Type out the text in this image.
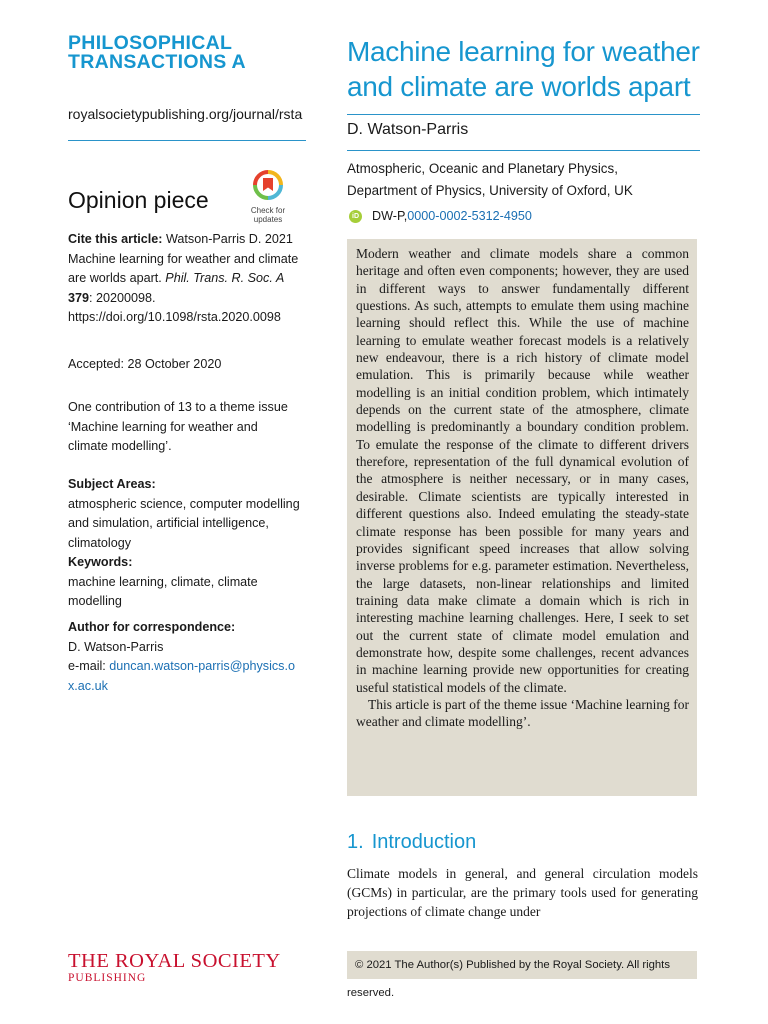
PHILOSOPHICAL
TRANSACTIONS A
royalsocietypublishing.org/journal/rsta
Opinion piece	Check for
updates
Cite this article: Watson-Parris D. 2021 Machine learning for weather and climate are worlds apart. Phil. Trans. R. Soc. A 379: 20200098.
https://doi.org/10.1098/rsta.2020.0098
Accepted: 28 October 2020
One contribution of 13 to a theme issue ‘Machine learning for weather and climate modelling’.
Subject Areas:
atmospheric science, computer modelling and simulation, artificial intelligence, climatology
Keywords:
machine learning, climate, climate modelling
Author for correspondence:
D. Watson-Parris
e-mail: duncan.watson-parris@physics.ox.ac.uk
THE ROYAL SOCIETY
PUBLISHING
Machine learning for weather and climate are worlds apart
D. Watson-Parris
Atmospheric, Oceanic and Planetary Physics, Department of Physics, University of Oxford, UK
iD DW-P, 0000-0002-5312-4950

Modern weather and climate models share a common heritage and often even components; however, they are used in different ways to answer fundamentally different questions. As such, attempts to emulate them using machine learning should reflect this. While the use of machine learning to emulate weather forecast models is a relatively new endeavour, there is a rich history of climate model emulation. This is primarily because while weather modelling is an initial condition problem, which intimately depends on the current state of the atmosphere, climate modelling is predominantly a boundary condition problem. To emulate the response of the climate to different drivers therefore, representation of the full dynamical evolution of the atmosphere is neither necessary, or in many cases, desirable. Climate scientists are typically interested in different questions also. Indeed emulating the steady-state climate response has been possible for many years and provides significant speed increases that allow solving inverse problems for e.g. parameter estimation. Nevertheless, the large datasets, non-linear relationships and limited training data make climate a domain which is rich in interesting machine learning challenges. Here, I seek to set out the current state of climate model emulation and demonstrate how, despite some challenges, recent advances in machine learning provide new opportunities for creating useful statistical models of the climate.

This article is part of the theme issue ‘Machine learning for weather and climate modelling’.

1. Introduction
Climate models in general, and general circulation models (GCMs) in particular, are the primary tools used for generating projections of climate change under
© 2021 The Author(s) Published by the Royal Society. All rights reserved.
